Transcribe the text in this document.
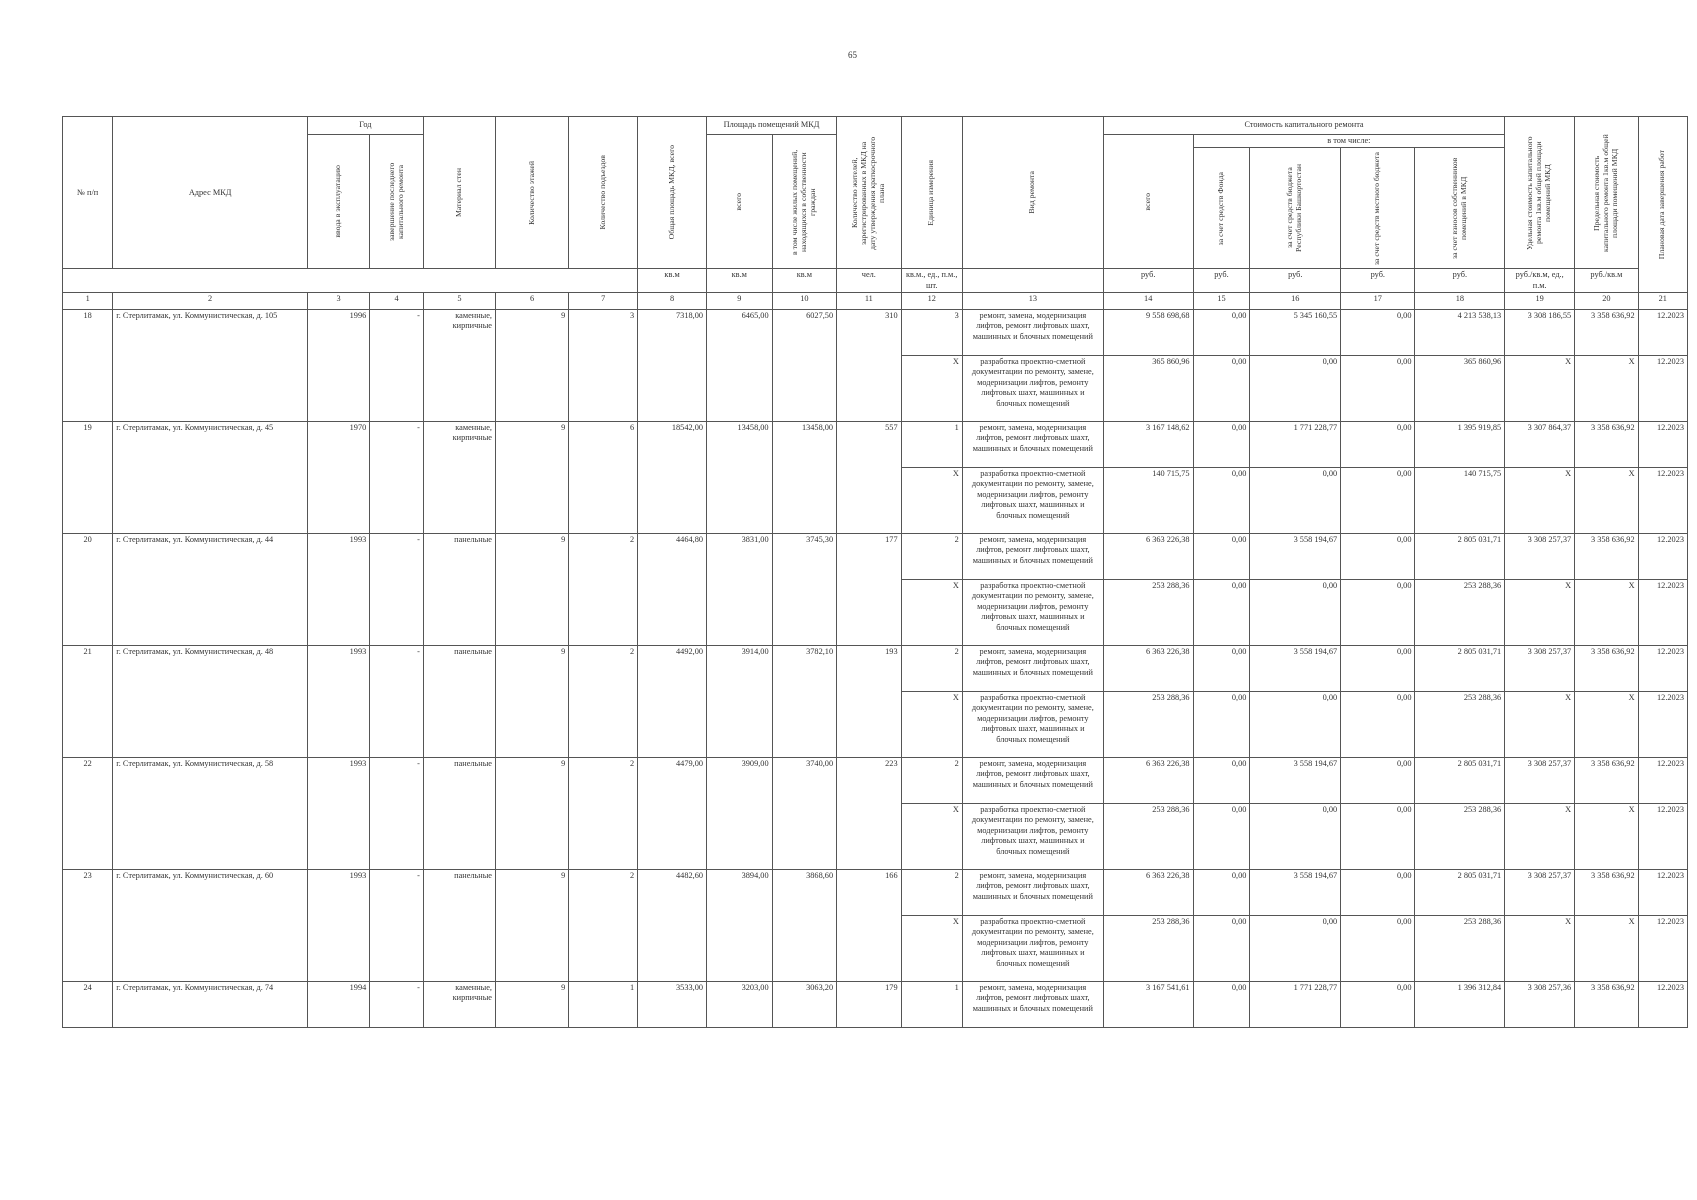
65
№ п/п	Адрес МКД	Год		Материал стен	Количество этажей	Количество подъездов	Общая площадь МКД, всего	Площадь помещений МКД		Количество жителей, зарегистрированных в МКД на дату утверждения краткосрочного плана	Единица измерения	Вид ремонта	Стоимость капитального ремонта					Удельная стоимость капитального ремонта 1кв.м общей площади помещений МКД	Предельная стоимость капитального ремонта 1кв.м общей площади помещений МКД	Плановая дата завершения работ

		ввода в эксплуатацию	завершение последнего капитального ремонта					всего	в том числе жилых помещений, находящихся в собственности граждан				всего	в том числе:						

														за счет средств Фонда	за счет средств бюджета Республики Башкортостан	за счет средств местного бюджета	за счет взносов собственников помещений в МКД			

							кв.м	кв.м	кв.м	чел.	кв.м., ед., п.м., шт.		руб.	руб.	руб.	руб.	руб.	руб./кв.м, ед., п.м.	руб./кв.м	
1	2	3	4	5	6	7	8	9	10	11	12	13	14	15	16	17	18	19	20	21
18	г. Стерлитамак, ул. Коммунистическая, д. 105	1996	-	каменные, кирпичные	9	3	7318,00	6465,00	6027,50	310	3	ремонт, замена, модернизация лифтов, ремонт лифтовых шахт, машинных и блочных помещений	9 558 698,68	0,00	5 345 160,55	0,00	4 213 538,13	3 308 186,55	3 358 636,92	12.2023
											X	разработка проектно-сметной документации по ремонту, замене, модернизации лифтов, ремонту лифтовых шахт, машинных и блочных помещений	365 860,96	0,00	0,00	0,00	365 860,96	X	X	12.2023
19	г. Стерлитамак, ул. Коммунистическая, д. 45	1970	-	каменные, кирпичные	9	6	18542,00	13458,00	13458,00	557	1	ремонт, замена, модернизация лифтов, ремонт лифтовых шахт, машинных и блочных помещений	3 167 148,62	0,00	1 771 228,77	0,00	1 395 919,85	3 307 864,37	3 358 636,92	12.2023
											X	разработка проектно-сметной документации по ремонту, замене, модернизации лифтов, ремонту лифтовых шахт, машинных и блочных помещений	140 715,75	0,00	0,00	0,00	140 715,75	X	X	12.2023
20	г. Стерлитамак, ул. Коммунистическая, д. 44	1993	-	панельные	9	2	4464,80	3831,00	3745,30	177	2	ремонт, замена, модернизация лифтов, ремонт лифтовых шахт, машинных и блочных помещений	6 363 226,38	0,00	3 558 194,67	0,00	2 805 031,71	3 308 257,37	3 358 636,92	12.2023
											X	разработка проектно-сметной документации по ремонту, замене, модернизации лифтов, ремонту лифтовых шахт, машинных и блочных помещений	253 288,36	0,00	0,00	0,00	253 288,36	X	X	12.2023
21	г. Стерлитамак, ул. Коммунистическая, д. 48	1993	-	панельные	9	2	4492,00	3914,00	3782,10	193	2	ремонт, замена, модернизация лифтов, ремонт лифтовых шахт, машинных и блочных помещений	6 363 226,38	0,00	3 558 194,67	0,00	2 805 031,71	3 308 257,37	3 358 636,92	12.2023
											X	разработка проектно-сметной документации по ремонту, замене, модернизации лифтов, ремонту лифтовых шахт, машинных и блочных помещений	253 288,36	0,00	0,00	0,00	253 288,36	X	X	12.2023
22	г. Стерлитамак, ул. Коммунистическая, д. 58	1993	-	панельные	9	2	4479,00	3909,00	3740,00	223	2	ремонт, замена, модернизация лифтов, ремонт лифтовых шахт, машинных и блочных помещений	6 363 226,38	0,00	3 558 194,67	0,00	2 805 031,71	3 308 257,37	3 358 636,92	12.2023
											X	разработка проектно-сметной документации по ремонту, замене, модернизации лифтов, ремонту лифтовых шахт, машинных и блочных помещений	253 288,36	0,00	0,00	0,00	253 288,36	X	X	12.2023
23	г. Стерлитамак, ул. Коммунистическая, д. 60	1993	-	панельные	9	2	4482,60	3894,00	3868,60	166	2	ремонт, замена, модернизация лифтов, ремонт лифтовых шахт, машинных и блочных помещений	6 363 226,38	0,00	3 558 194,67	0,00	2 805 031,71	3 308 257,37	3 358 636,92	12.2023
											X	разработка проектно-сметной документации по ремонту, замене, модернизации лифтов, ремонту лифтовых шахт, машинных и блочных помещений	253 288,36	0,00	0,00	0,00	253 288,36	X	X	12.2023
24	г. Стерлитамак, ул. Коммунистическая, д. 74	1994	-	каменные, кирпичные	9	1	3533,00	3203,00	3063,20	179	1	ремонт, замена, модернизация лифтов, ремонт лифтовых шахт, машинных и блочных помещений	3 167 541,61	0,00	1 771 228,77	0,00	1 396 312,84	3 308 257,36	3 358 636,92	12.2023
